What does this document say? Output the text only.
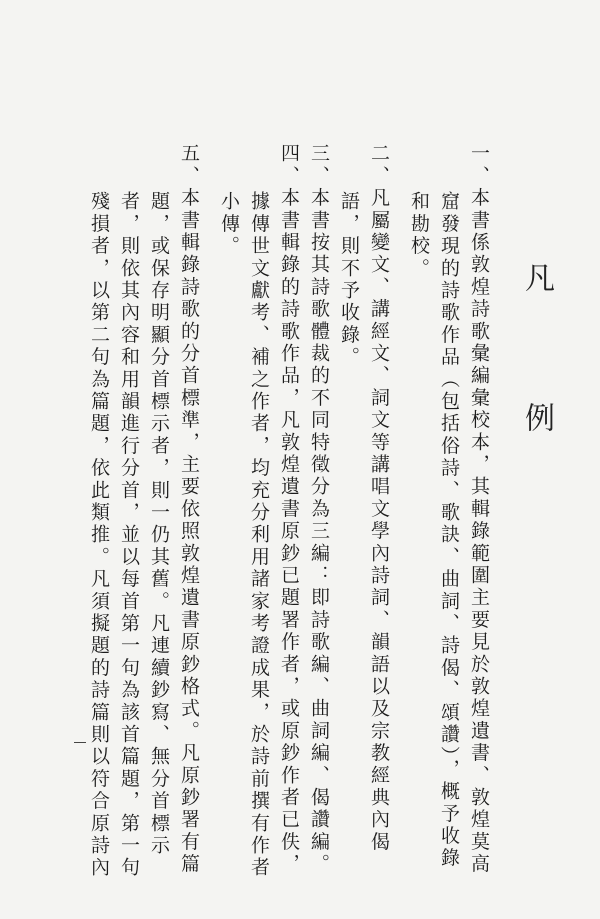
凡　例
一、本書係敦煌詩歌彙編彙校本，其輯錄範圍主要見於敦煌遺書、敦煌莫高
窟發現的詩歌作品（包括俗詩、歌訣、曲詞、詩偈、頌讚），概予收錄
和勘校。
二、凡屬變文、講經文、詞文等講唱文學內詩詞、韻語以及宗教經典內偈
語，則不予收錄。
三、本書按其詩歌體裁的不同特徵分為三編：即詩歌編、曲詞編、偈讚編。
四、本書輯錄的詩歌作品，凡敦煌遺書原鈔已題署作者，或原鈔作者已佚，
據傳世文獻考、補之作者，均充分利用諸家考證成果，於詩前撰有作者
小傳。
五、本書輯錄詩歌的分首標準，主要依照敦煌遺書原鈔格式。凡原鈔署有篇
題，或保存明顯分首標示者，則一仍其舊。凡連續鈔寫、無分首標示
者，則依其內容和用韻進行分首，並以每首第一句為該首篇題，第一句
殘損者，以第二句為篇題，依此類推。凡須擬題的詩篇則以符合原詩內
